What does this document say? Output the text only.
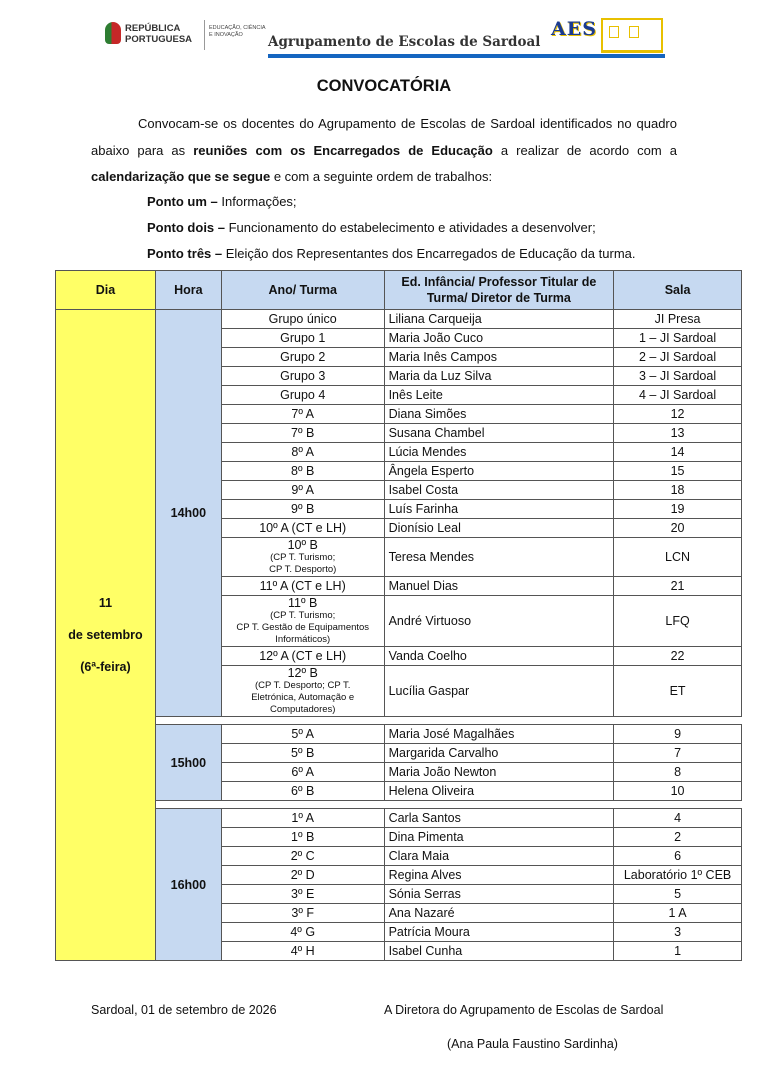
REPÚBLICA
PORTUGUESA
EDUCAÇÃO, CIÊNCIA
E INOVAÇÃO	Agrupamento de Escolas de Sardoal
AES
CONVOCATÓRIA
Convocam-se os docentes do Agrupamento de Escolas de Sardoal identificados no quadro abaixo para as reuniões com os Encarregados de Educação a realizar de acordo com a calendarização que se segue e com a seguinte ordem de trabalhos:
Ponto um – Informações;
Ponto dois – Funcionamento do estabelecimento e atividades a desenvolver;
Ponto três – Eleição dos Representantes dos Encarregados de Educação da turma.
Dia	Hora	Ano/ Turma	Ed. Infância/ Professor Titular de
Turma/ Diretor de Turma	Sala

11
de setembro
(6ª-feira)	14h00	Grupo único	Liliana Carqueija	JI Presa

		Grupo 1	Maria João Cuco	1 – JI Sardoal

		Grupo 2	Maria Inês Campos	2 – JI Sardoal

		Grupo 3	Maria da Luz Silva	3 – JI Sardoal

		Grupo 4	Inês Leite	4 – JI Sardoal

		7º A	Diana Simões	12

		7º B	Susana Chambel	13

		8º A	Lúcia Mendes	14

		8º B	Ângela Esperto	15

		9º A	Isabel Costa	18

		9º B	Luís Farinha	19

		10º A (CT e LH)	Dionísio Leal	20

		10º B
(CP T. Turismo;
CP T. Desporto)	Teresa Mendes	LCN

		11º A (CT e LH)	Manuel Dias	21

		11º B
(CP T. Turismo;
CP T. Gestão de Equipamentos
Informáticos)	André Virtuoso	LFQ

		12º A (CT e LH)	Vanda Coelho	22

		12º B
(CP T. Desporto; CP T.
Eletrónica, Automação e
Computadores)	Lucília Gaspar	ET

	15h00	5º A	Maria José Magalhães	9

		5º B	Margarida Carvalho	7

		6º A	Maria João Newton	8

		6º B	Helena Oliveira	10

	16h00	1º A	Carla Santos	4

		1º B	Dina Pimenta	2

		2º C	Clara Maia	6

		2º D	Regina Alves	Laboratório 1º CEB

		3º E	Sónia Serras	5

		3º F	Ana Nazaré	1 A

		4º G	Patrícia Moura	3

		4º H	Isabel Cunha	1
Sardoal, 01 de setembro de 2026	A Diretora do Agrupamento de Escolas de Sardoal
(Ana Paula Faustino Sardinha)
